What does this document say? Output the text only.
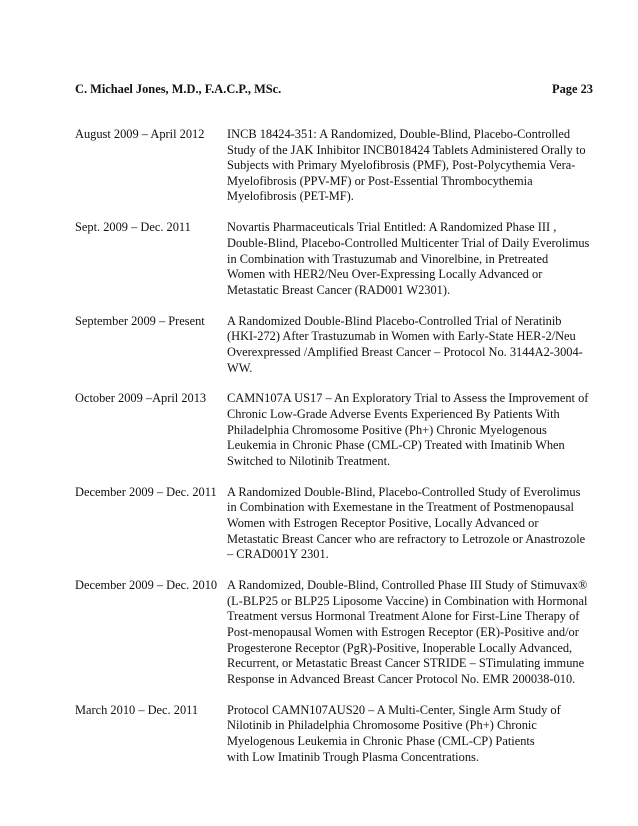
C. Michael Jones, M.D., F.A.C.P., MSc.	Page 23
August 2009 – April 2012	INCB 18424-351: A Randomized, Double-Blind, Placebo-Controlled
Study of the JAK Inhibitor INCB018424 Tablets Administered Orally to
Subjects with Primary Myelofibrosis (PMF), Post-Polycythemia Vera-
Myelofibrosis (PPV-MF) or Post-Essential Thrombocythemia
Myelofibrosis (PET-MF).
Sept. 2009 – Dec. 2011	Novartis Pharmaceuticals Trial Entitled: A Randomized Phase III ,
Double-Blind, Placebo-Controlled Multicenter Trial of Daily Everolimus
in Combination with Trastuzumab and Vinorelbine, in Pretreated
Women with HER2/Neu Over-Expressing Locally Advanced or
Metastatic Breast Cancer (RAD001 W2301).
September 2009 – Present	A Randomized Double-Blind Placebo-Controlled Trial of Neratinib
(HKI-272) After Trastuzumab in Women with Early-State HER-2/Neu
Overexpressed /Amplified Breast Cancer – Protocol No. 3144A2-3004-
WW.
October 2009 –April 2013	CAMN107A US17 – An Exploratory Trial to Assess the Improvement of
Chronic Low-Grade Adverse Events Experienced By Patients With
Philadelphia Chromosome Positive (Ph+) Chronic Myelogenous
Leukemia in Chronic Phase (CML-CP) Treated with Imatinib When
Switched to Nilotinib Treatment.
December 2009 – Dec. 2011 A Randomized Double-Blind, Placebo-Controlled Study of Everolimus
in Combination with Exemestane in the Treatment of Postmenopausal
Women with Estrogen Receptor Positive, Locally Advanced or
Metastatic Breast Cancer who are refractory to Letrozole or Anastrozole
– CRAD001Y 2301.
December 2009 – Dec. 2010 A Randomized, Double-Blind, Controlled Phase III Study of Stimuvax®
(L-BLP25 or BLP25 Liposome Vaccine) in Combination with Hormonal
Treatment versus Hormonal Treatment Alone for First-Line Therapy of
Post-menopausal Women with Estrogen Receptor (ER)-Positive and/or
Progesterone Receptor (PgR)-Positive, Inoperable Locally Advanced,
Recurrent, or Metastatic Breast Cancer STRIDE – STimulating immune
Response in Advanced Breast Cancer Protocol No. EMR 200038-010.
March 2010 – Dec. 2011	Protocol CAMN107AUS20 – A Multi-Center, Single Arm Study of
Nilotinib in Philadelphia Chromosome Positive (Ph+) Chronic
Myelogenous Leukemia in Chronic Phase (CML-CP) Patients
with Low Imatinib Trough Plasma Concentrations.
